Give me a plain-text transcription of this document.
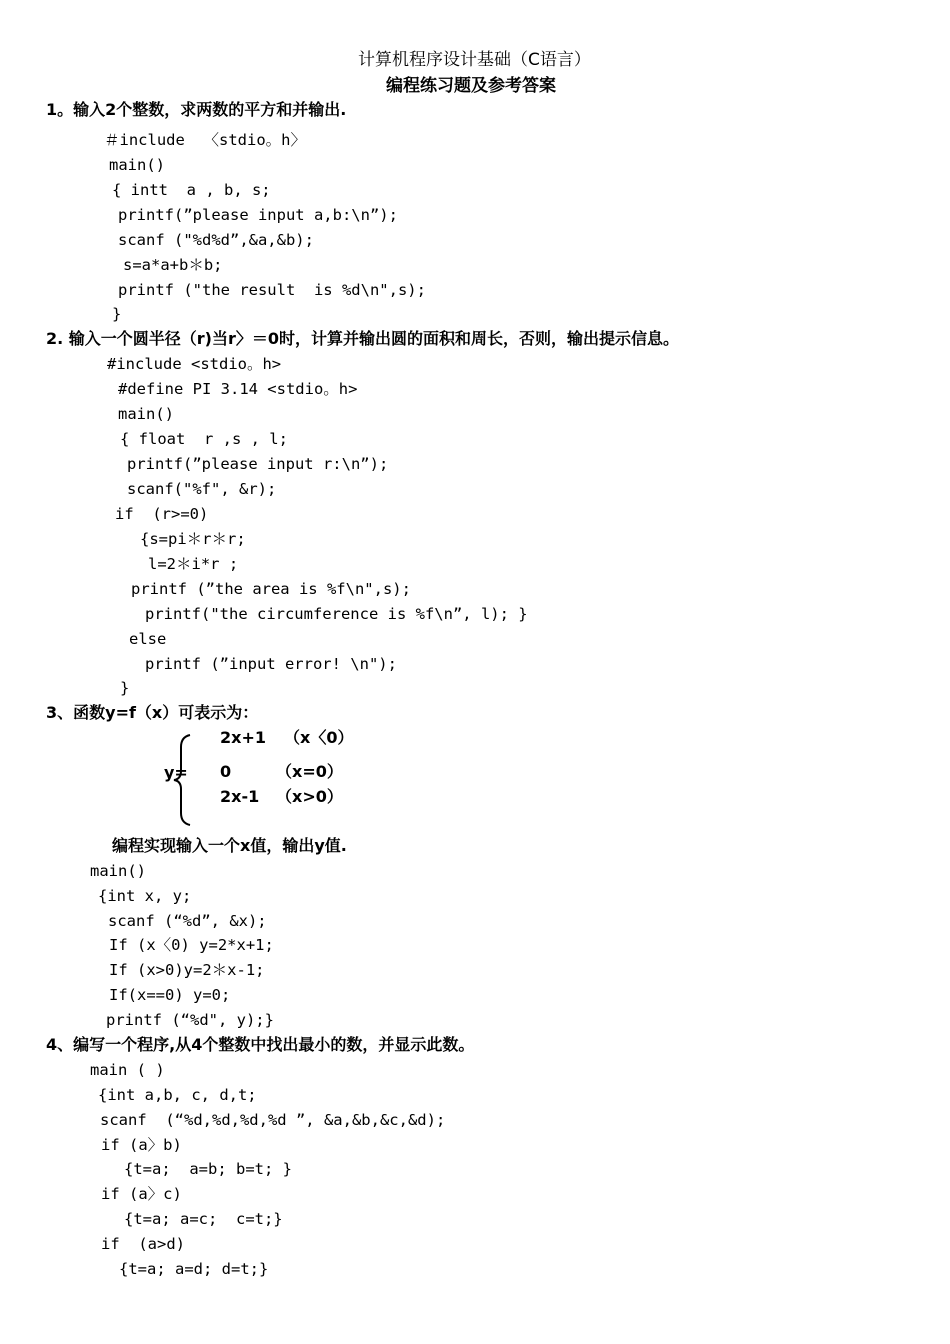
计算机程序设计基础（C语言）
编程练习题及参考答案
1。输入2个整数，求两数的平方和并输出.
＃include  〈stdio。h〉
main()
{ intt  a , b, s;
printf(”please input a,b:\n”);
scanf ("%d%d”,&a,&b);
s=a*a+b＊b;
printf ("the result  is %d\n",s);
}
2. 输入一个圆半径（r)当r〉＝0时，计算并输出圆的面积和周长，否则，输出提示信息。
#include <stdio。h>
#define PI 3.14 <stdio。h>
main()
{ float  r ,s , l;
printf(”please input r:\n”);
scanf("%f", &r);
if  (r>=0)
{s=pi＊r＊r;
l=2＊i*r ;
printf (”the area is %f\n",s);
printf("the circumference is %f\n”, l); }
else
printf (”input error! \n");
}
3、函数y=f（x）可表示为：
2x+1 （x〈0）
y= 0	（x=0）
2x-1 （x>0）
编程实现输入一个x值，输出y值.
main()
{int x, y;
scanf (“%d”, &x);
If (x〈0) y=2*x+1;
If (x>0)y=2＊x-1;
If(x==0) y=0;
printf (“%d", y);}
4、编写一个程序,从4个整数中找出最小的数，并显示此数。
main ( )
{int a,b, c, d,t;
scanf  (“%d,%d,%d,%d ”, &a,&b,&c,&d);
if (a〉b)
{t=a;  a=b; b=t; }
if (a〉c)
{t=a; a=c;  c=t;}
if  (a>d)
{t=a; a=d; d=t;}
